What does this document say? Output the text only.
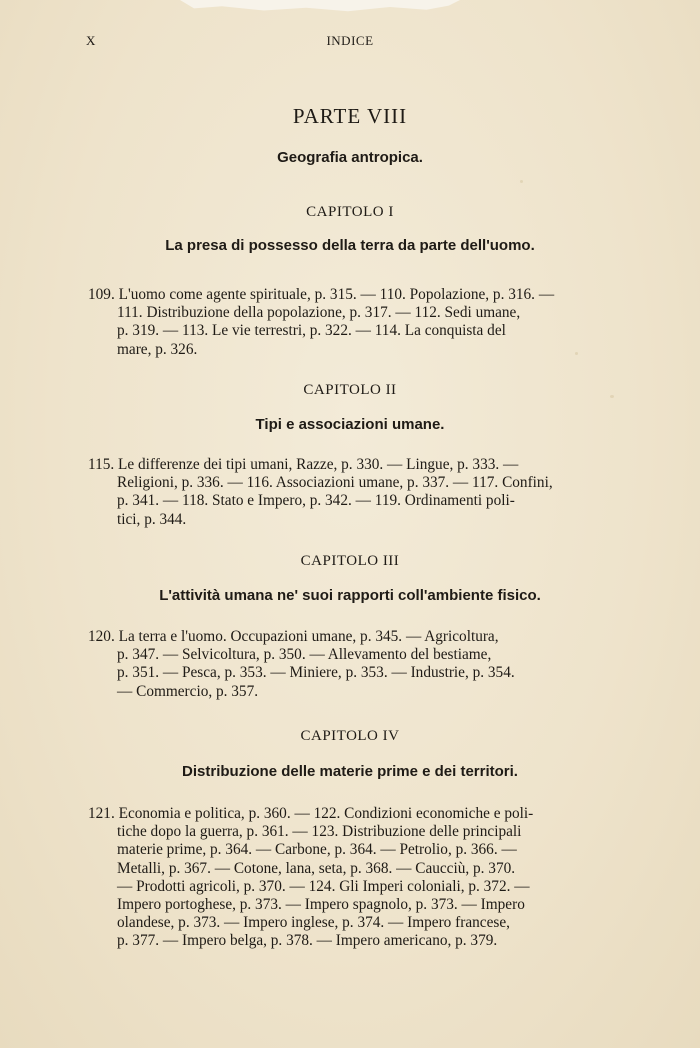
X	INDICE
PARTE VIII
Geografia antropica.
CAPITOLO I
La presa di possesso della terra da parte dell'uomo.
109. L'uomo come agente spirituale, p. 315. — 110. Popolazione, p. 316. —
111. Distribuzione della popolazione, p. 317. — 112. Sedi umane,
p. 319. — 113. Le vie terrestri, p. 322. — 114. La conquista del
mare, p. 326.
CAPITOLO II
Tipi e associazioni umane.
115. Le differenze dei tipi umani, Razze, p. 330. — Lingue, p. 333. —
Religioni, p. 336. — 116. Associazioni umane, p. 337. — 117. Confini,
p. 341. — 118. Stato e Impero, p. 342. — 119. Ordinamenti poli-
tici, p. 344.
CAPITOLO III
L'attività umana ne' suoi rapporti coll'ambiente fisico.
120. La terra e l'uomo. Occupazioni umane, p. 345. — Agricoltura,
p. 347. — Selvicoltura, p. 350. — Allevamento del bestiame,
p. 351. — Pesca, p. 353. — Miniere, p. 353. — Industrie, p. 354.
— Commercio, p. 357.
CAPITOLO IV
Distribuzione delle materie prime e dei territori.
121. Economia e politica, p. 360. — 122. Condizioni economiche e poli-
tiche dopo la guerra, p. 361. — 123. Distribuzione delle principali
materie prime, p. 364. — Carbone, p. 364. — Petrolio, p. 366. —
Metalli, p. 367. — Cotone, lana, seta, p. 368. — Caucciù, p. 370.
— Prodotti agricoli, p. 370. — 124. Gli Imperi coloniali, p. 372. —
Impero portoghese, p. 373. — Impero spagnolo, p. 373. — Impero
olandese, p. 373. — Impero inglese, p. 374. — Impero francese,
p. 377. — Impero belga, p. 378. — Impero americano, p. 379.
